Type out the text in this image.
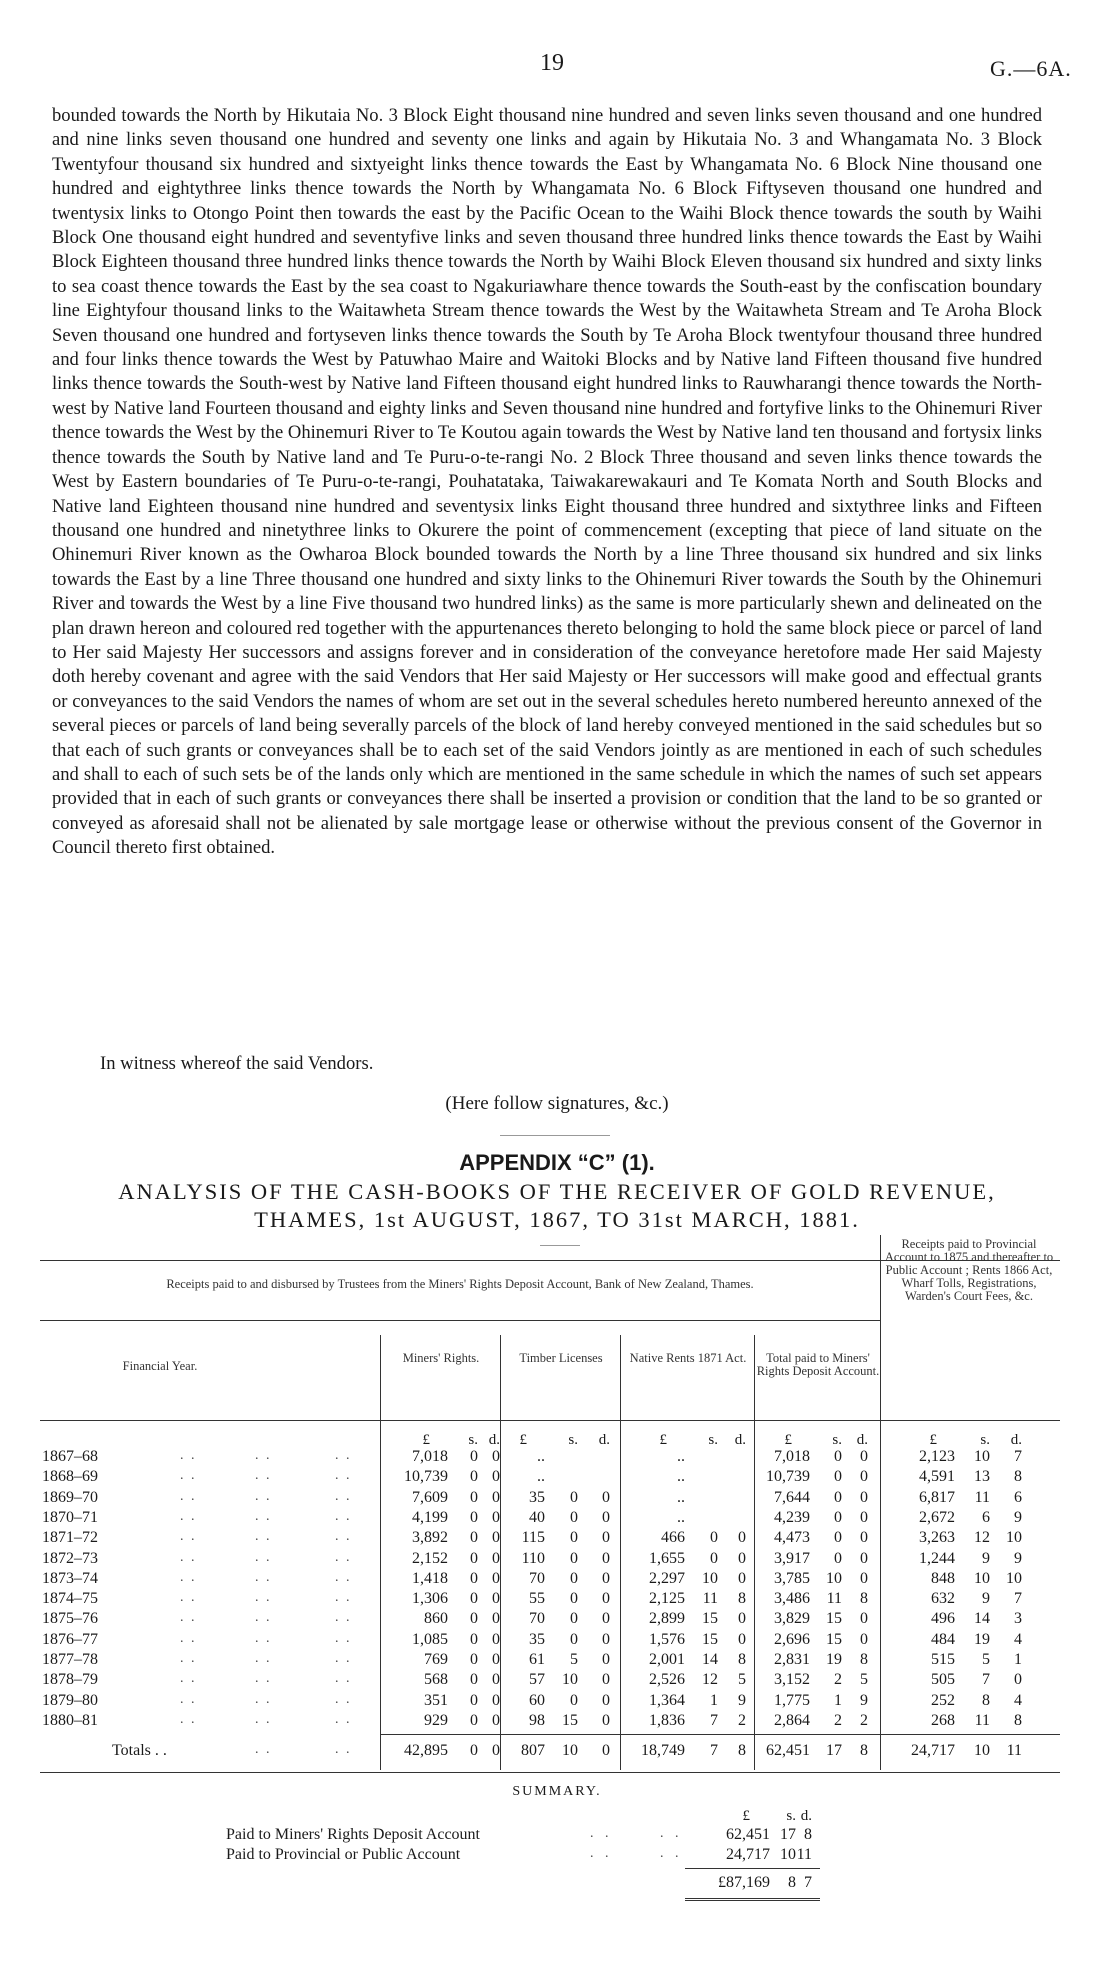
19	G.—6A.

bounded towards the North by Hikutaia No. 3 Block Eight thousand nine hundred and seven links seven thousand and one hundred and nine links seven thousand one hundred and seventy one links and again by Hikutaia No. 3 and Whangamata No. 3 Block Twentyfour thousand six hundred and sixtyeight links thence towards the East by Whangamata No. 6 Block Nine thousand one hundred and eightythree links thence towards the North by Whangamata No. 6 Block Fiftyseven thousand one hundred and twentysix links to Otongo Point then towards the east by the Pacific Ocean to the Waihi Block thence towards the south by Waihi Block One thousand eight hundred and seventyfive links and seven thousand three hundred links thence towards the East by Waihi Block Eighteen thousand three hundred links thence towards the North by Waihi Block Eleven thousand six hundred and sixty links to sea coast thence towards the East by the sea coast to Ngakuriawhare thence towards the South-east by the confiscation boundary line Eightyfour thousand links to the Waitawheta Stream thence towards the West by the Waitawheta Stream and Te Aroha Block Seven thousand one hundred and fortyseven links thence towards the South by Te Aroha Block twentyfour thousand three hundred and four links thence towards the West by Patuwhao Maire and Waitoki Blocks and by Native land Fifteen thousand five hundred links thence towards the South-west by Native land Fifteen thousand eight hundred links to Rauwharangi thence towards the North-west by Native land Fourteen thousand and eighty links and Seven thousand nine hundred and fortyfive links to the Ohinemuri River thence towards the West by the Ohinemuri River to Te Koutou again towards the West by Native land ten thousand and fortysix links thence towards the South by Native land and Te Puru-o-te-rangi No. 2 Block Three thousand and seven links thence towards the West by Eastern boundaries of Te Puru-o-te-rangi, Pouhatataka, Taiwakarewakauri and Te Komata North and South Blocks and Native land Eighteen thousand nine hundred and seventysix links Eight thousand three hundred and sixtythree links and Fifteen thousand one hundred and ninetythree links to Okurere the point of commencement (excepting that piece of land situate on the Ohinemuri River known as the Owharoa Block bounded towards the North by a line Three thousand six hundred and six links towards the East by a line Three thousand one hundred and sixty links to the Ohinemuri River towards the South by the Ohinemuri River and towards the West by a line Five thousand two hundred links) as the same is more particularly shewn and delineated on the plan drawn hereon and coloured red together with the appurtenances thereto belonging to hold the same block piece or parcel of land to Her said Majesty Her successors and assigns forever and in consideration of the conveyance heretofore made Her said Majesty doth hereby covenant and agree with the said Vendors that Her said Majesty or Her successors will make good and effectual grants or conveyances to the said Vendors the names of whom are set out in the several schedules hereto numbered hereunto annexed of the several pieces or parcels of land being severally parcels of the block of land hereby conveyed mentioned in the said schedules but so that each of such grants or conveyances shall be to each set of the said Vendors jointly as are mentioned in each of such schedules and shall to each of such sets be of the lands only which are mentioned in the same schedule in which the names of such set appears provided that in each of such grants or conveyances there shall be inserted a provision or condition that the land to be so granted or conveyed as aforesaid shall not be alienated by sale mortgage lease or otherwise without the previous consent of the Governor in Council thereto first obtained.

In witness whereof the said Vendors.
(Here follow signatures, &c.)
APPENDIX “C” (1).
ANALYSIS OF THE CASH-BOOKS OF THE RECEIVER OF GOLD REVENUE,
THAMES, 1st AUGUST, 1867, TO 31st MARCH, 1881.
Receipts paid to and disbursed by Trustees from the Miners' Rights Deposit Account, Bank of New Zealand, Thames.
Financial Year.
Miners' Rights.	Timber Licenses	Native Rents 1871 Act.	Total paid to Miners' Rights Deposit Account.
Receipts paid to Provincial Account to 1875 and thereafter to Public Account ; Rents 1866 Act, Wharf Tolls, Registrations, Warden's Court Fees, &c.
£	s. d.	£	s.	d.	£	s.	d.	£	s. d.	£	s.	d.
1867–68	. .	. .	. .	7,018	0 0	..	..	7,018	0	0	2,123	10	7
1868–69	. .	. .	. .	10,739	0 0	..	..	10,739	0	0	4,591	13	8
1869–70	. .	. .	. .	7,609	0 0	35	0	0	..	7,644	0	0	6,817	11	6
1870–71	. .	. .	. .	4,199	0 0	40	0	0	..	4,239	0	0	2,672	6	9
1871–72	. .	. .	. .	3,892	0 0	115	0	0	466	0	0	4,473	0	0	3,263	12	10
1872–73	. .	. .	. .	2,152	0 0	110	0	0	1,655	0	0	3,917	0	0	1,244	9	9
1873–74	. .	. .	. .	1,418	0 0	70	0	0	2,297	10	0	3,785	10	0	848	10	10
1874–75	. .	. .	. .	1,306	0 0	55	0	0	2,125	11	8	3,486	11	8	632	9	7
1875–76	. .	. .	. .	860	0 0	70	0	0	2,899	15	0	3,829	15	0	496	14	3
1876–77	. .	. .	. .	1,085	0 0	35	0	0	1,576	15	0	2,696	15	0	484	19	4
1877–78	. .	. .	. .	769	0 0	61	5	0	2,001	14	8	2,831	19	8	515	5	1
1878–79	. .	. .	. .	568	0 0	57	10	0	2,526	12	5	3,152	2	5	505	7	0
1879–80	. .	. .	. .	351	0 0	60	0	0	1,364	1	9	1,775	1	9	252	8	4
1880–81	. .	. .	. .	929	0 0	98	15	0	1,836	7	2	2,864	2	2	268	11	8
Totals . .	. .	. .	42,895	0 0	807	10	0	18,749	7	8	62,451	17	8	24,717	10	11
SUMMARY.
£	s. d.
Paid to Miners' Rights Deposit Account	. .	. .	62,451 17 8
Paid to Provincial or Public Account	. .	. .	24,717 10 11
£87,169	8 7
